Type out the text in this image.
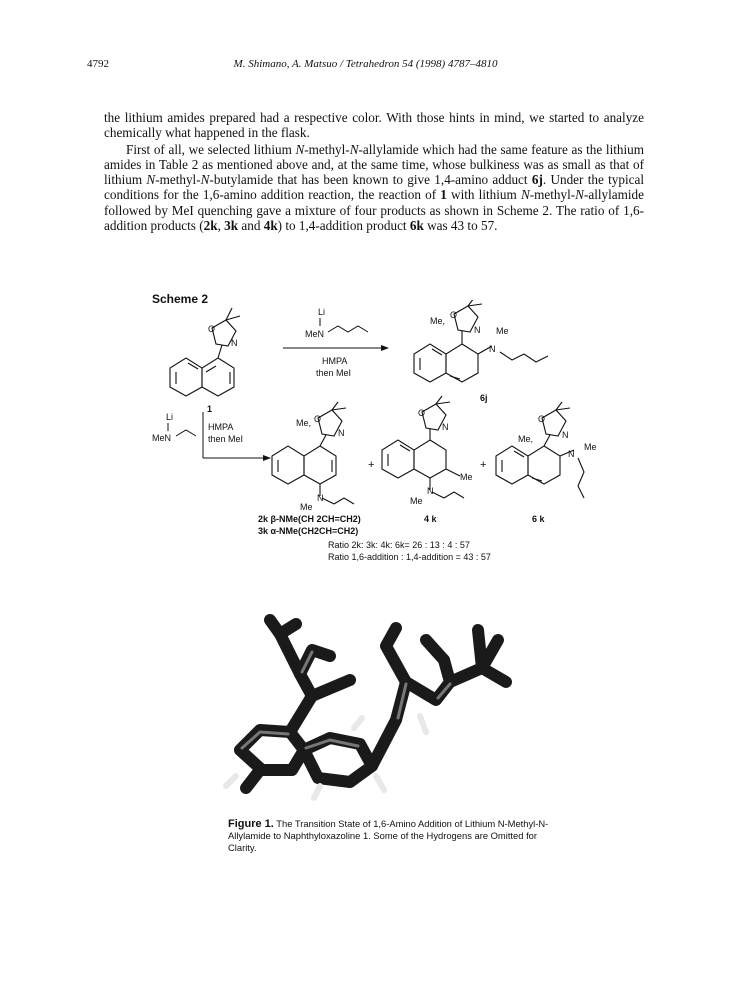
4792	M. Shimano, A. Matsuo / Tetrahedron 54 (1998) 4787–4810

the lithium amides prepared had a respective color. With those hints in mind, we started to analyze chemically what happened in the flask.

First of all, we selected lithium N-methyl-N-allylamide which had the same feature as the lithium amides in Table 2 as mentioned above and, at the same time, whose bulkiness was as small as that of lithium N-methyl-N-butylamide that has been known to give 1,4-amino adduct 6j. Under the typical conditions for the 1,6-amino addition reaction, the reaction of 1 with lithium N-methyl-N-allylamide followed by MeI quenching gave a mixture of four products as shown in Scheme 2. The ratio of 1,6-addition products (2k, 3k and 4k) to 1,4-addition product 6k was 43 to 57.

Scheme 2
O
N
1
Li
MeN
HMPA
then MeI
Me,
O
N Me
N
6j
Li
MeN
HMPA
then MeI
Me, O
N
Me
N
+
O
N
Me
Me
N
4 k
+
Me,
O
N
Me
N
6 k
2k β-NMe(CH 2CH=CH2)
3k α-NMe(CH2CH=CH2)
Ratio 2k: 3k: 4k: 6k= 26 : 13 : 4 : 57
Ratio 1,6-addition : 1,4-addition = 43 : 57
Figure 1. The Transition State of 1,6-Amino Addition of Lithium N-Methyl-N-Allylamide to Naphthyloxazoline 1. Some of the Hydrogens are Omitted for Clarity.
